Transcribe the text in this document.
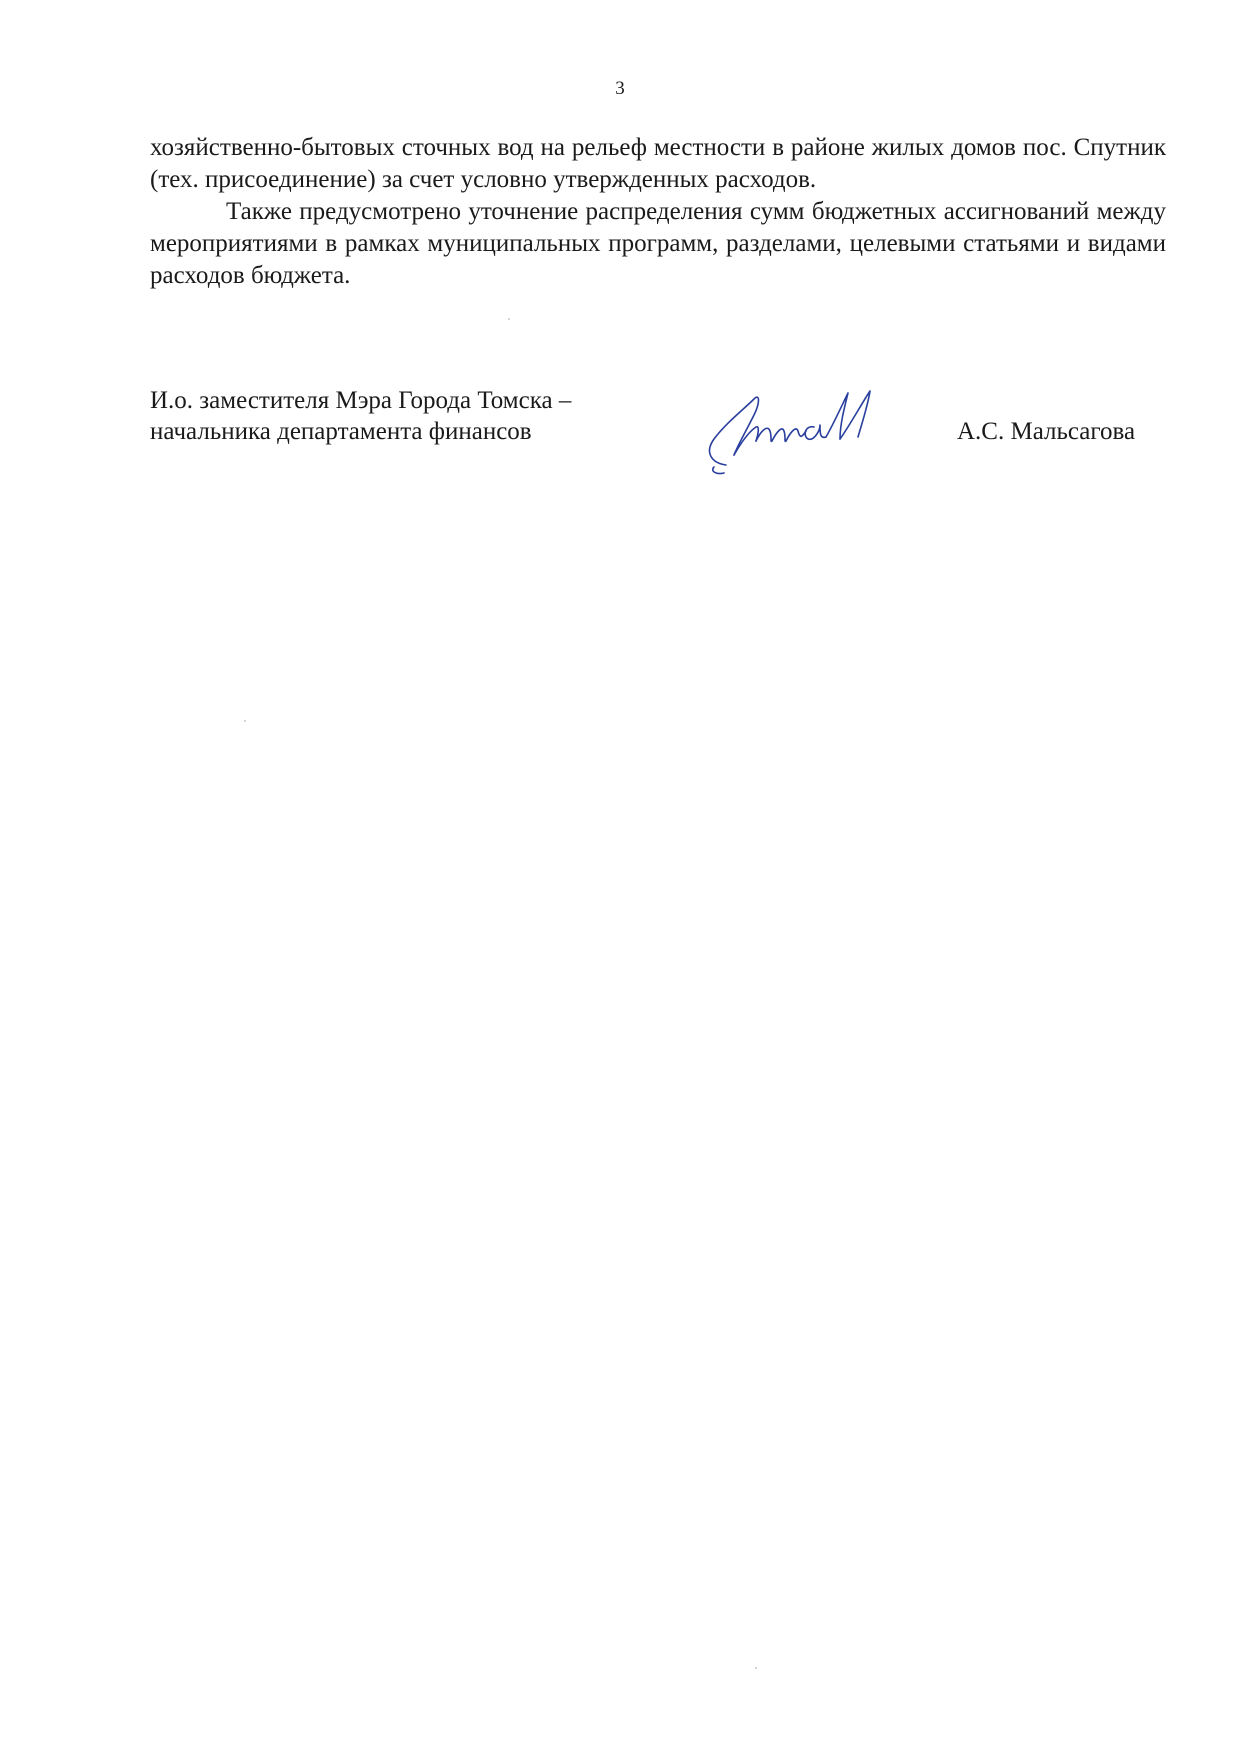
3

хозяйственно-бытовых сточных вод на рельеф местности в районе жилых домов пос. Спутник (тех. присоединение) за счет условно утвержденных расходов.

Также предусмотрено уточнение распределения сумм бюджетных ассигнований между мероприятиями в рамках муниципальных программ, разделами, целевыми статьями и видами расходов бюджета.

И.о. заместителя Мэра Города Томска –
начальника департамента финансов	А.С. Мальсагова
